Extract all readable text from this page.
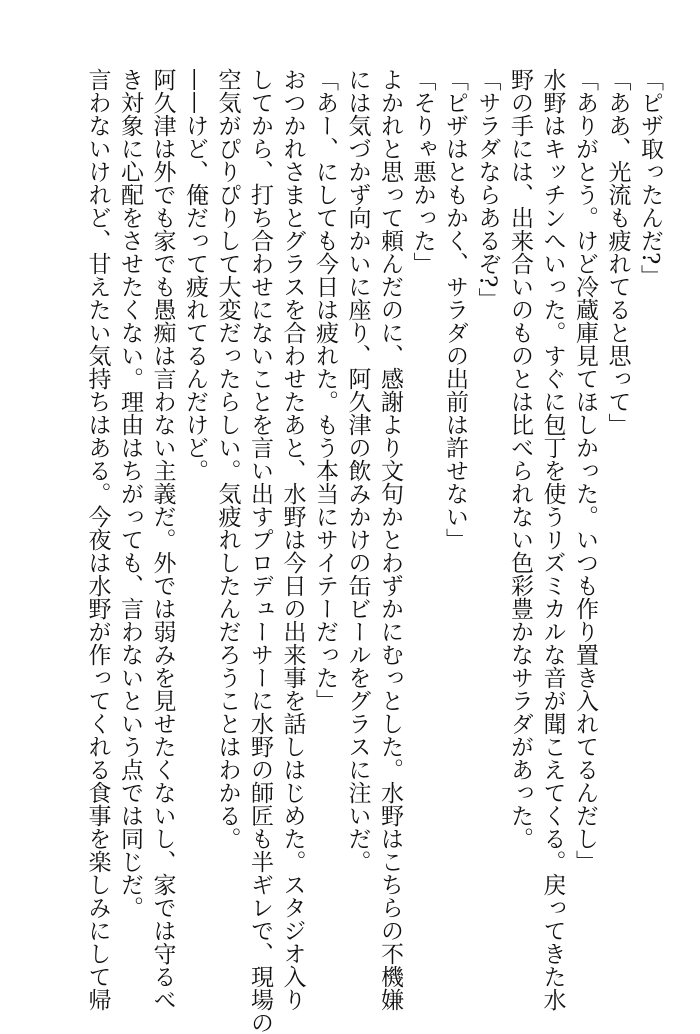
「ピザ取ったんだ?」
「ああ、光流も疲れてると思って」
「ありがとう。けど冷蔵庫見てほしかった。いつも作り置き入れてるんだし」
水野はキッチンへいった。すぐに包丁を使うリズミカルな音が聞こえてくる。戻ってきた水
野の手には、出来合いのものとは比べられない色彩豊かなサラダがあった。
「サラダならあるぞ?」
「ピザはともかく、サラダの出前は許せない」
「そりゃ悪かった」
よかれと思って頼んだのに、感謝より文句かとわずかにむっとした。水野はこちらの不機嫌
には気づかず向かいに座り、阿久津の飲みかけの缶ビールをグラスに注いだ。
「あー、にしても今日は疲れた。もう本当にサイテーだった」
おつかれさまとグラスを合わせたあと、水野は今日の出来事を話しはじめた。スタジオ入り
してから、打ち合わせにないことを言い出すプロデューサーに水野の師匠も半ギレで、現場の
空気がぴりぴりして大変だったらしい。気疲れしたんだろうことはわかる。
——けど、俺だって疲れてるんだけど。
阿久津は外でも家でも愚痴は言わない主義だ。外では弱みを見せたくないし、家では守るべ
き対象に心配をさせたくない。理由はちがっても、言わないという点では同じだ。
言わないけれど、甘えたい気持ちはある。今夜は水野が作ってくれる食事を楽しみにして帰
